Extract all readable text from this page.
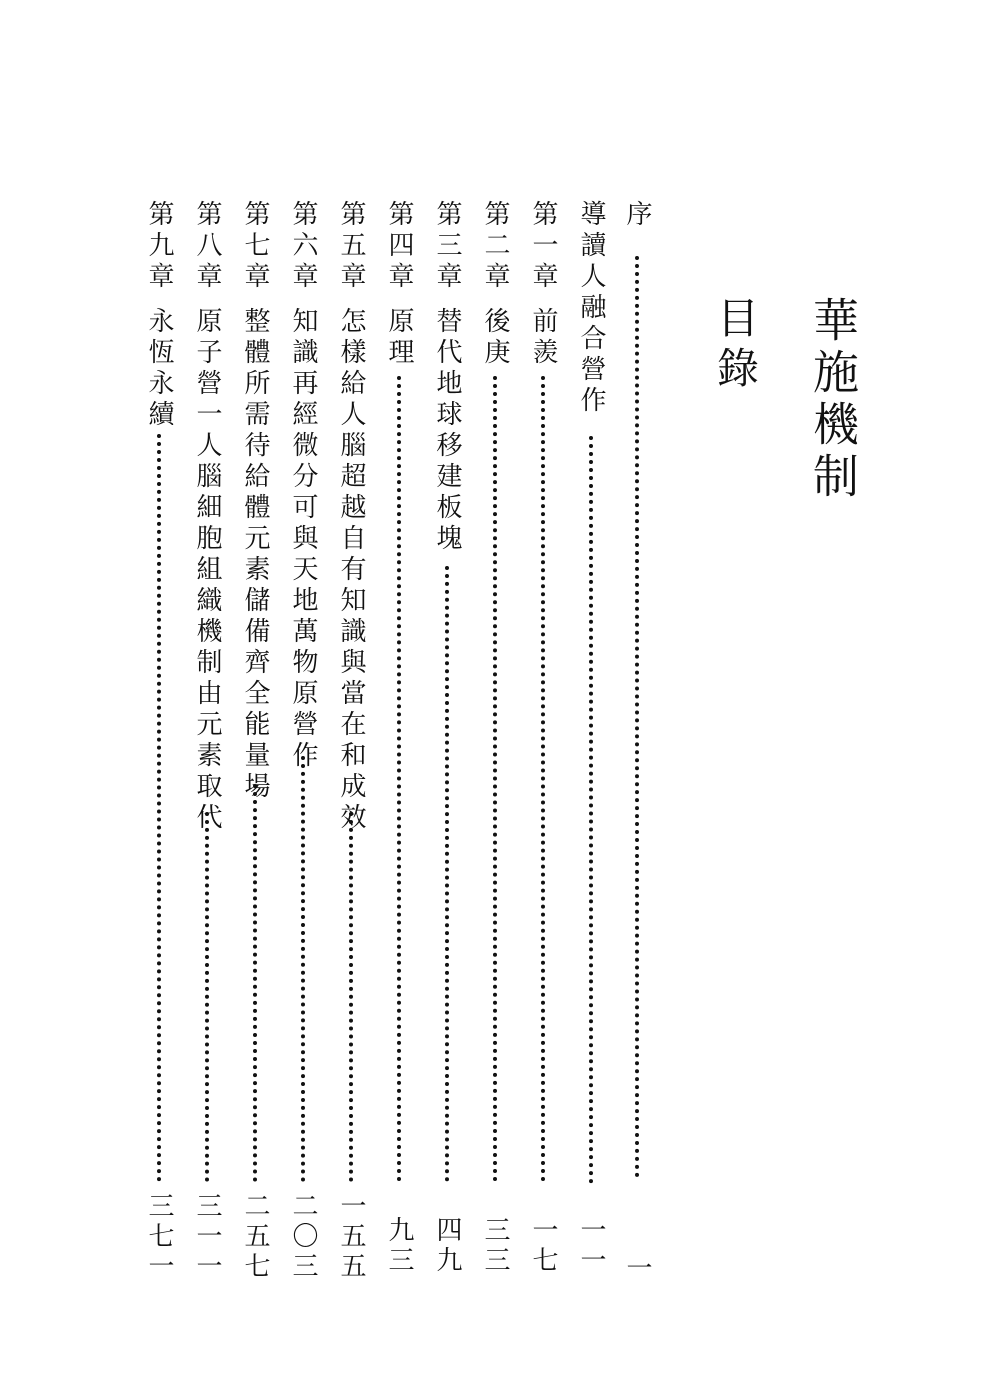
華施機制
目錄
序
一
導讀人融合營作
一一
第一章前羨
一七
第二章後庚
三三
第三章替代地球移建板塊
四九
第四章原理
九三
第五章怎樣給人腦超越自有知識與當在和成效
一五五
第六章知識再經微分可與天地萬物原營作
二〇三
第七章整體所需待給體元素儲備齊全能量場
二五七
第八章原子營一人腦細胞組織機制由元素取代
三一一
第九章永恆永續
三七一
